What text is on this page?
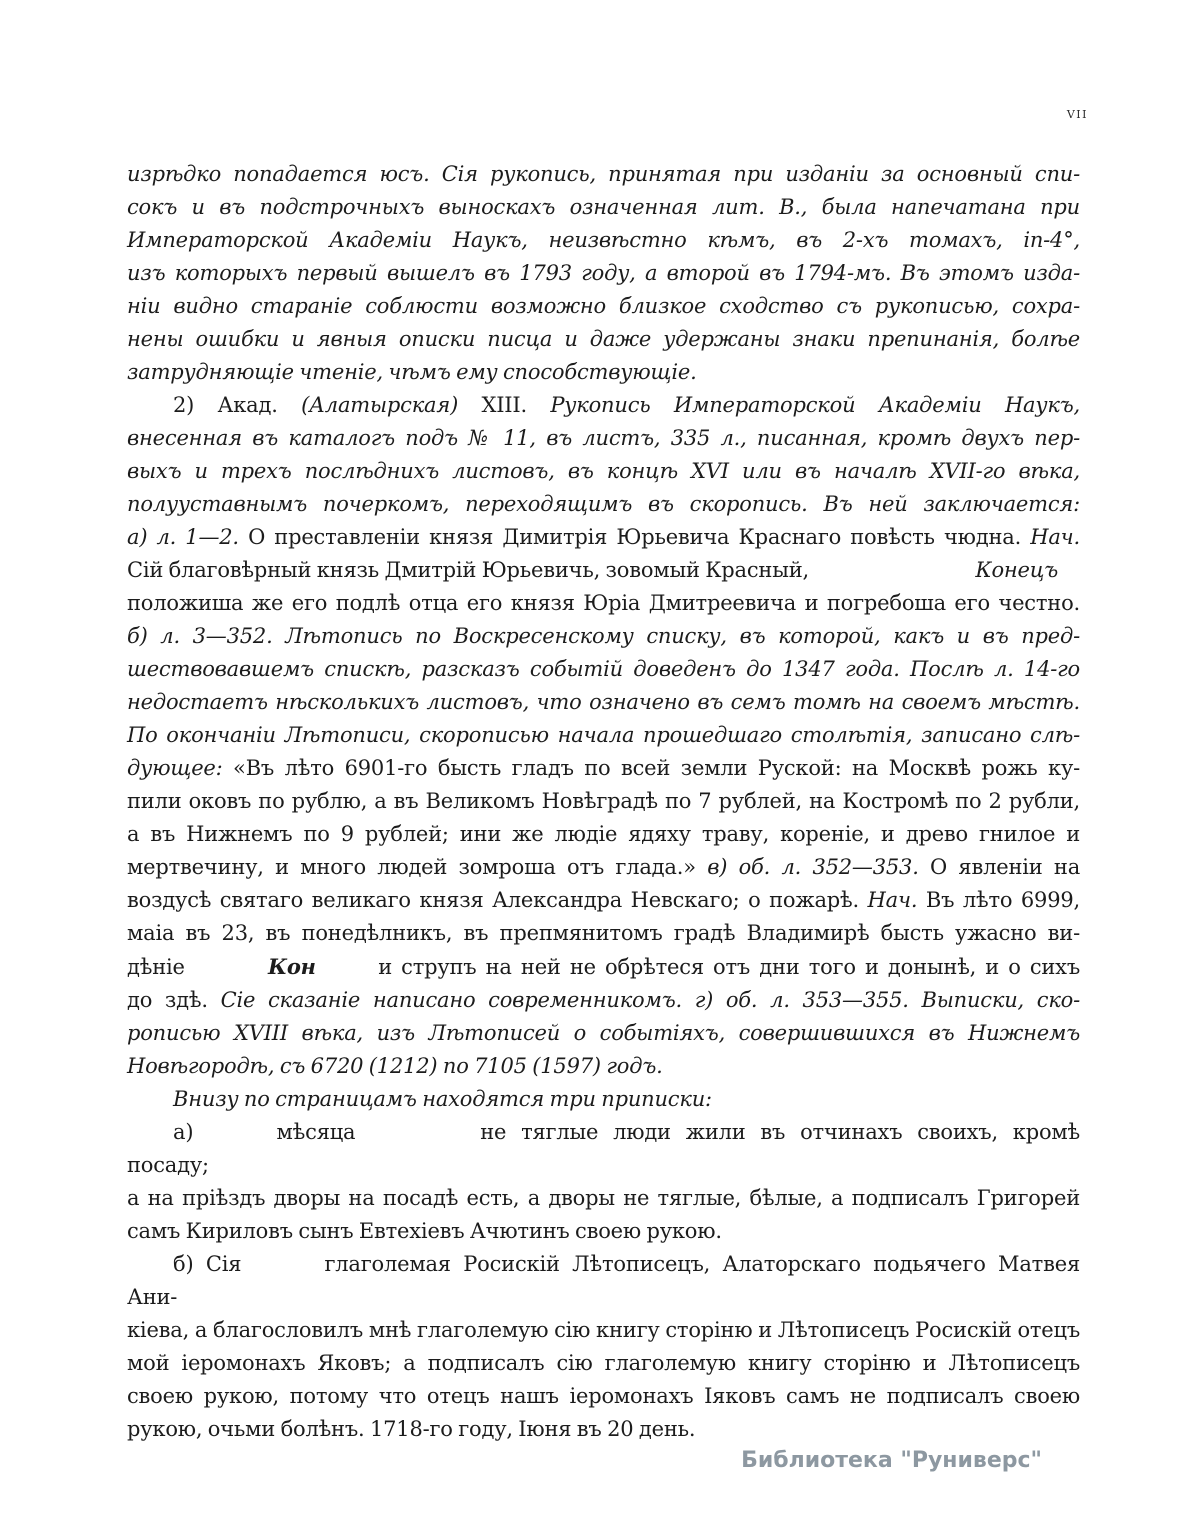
vii
изрѣдко попадается юсъ. Сія рукопись, принятая при изданіи за основный спи-
сокъ и въ подстрочныхъ выноскахъ означенная лит. В., была напечатана при
Императорской Академіи Наукъ, неизвѣстно кѣмъ, въ 2-хъ томахъ, in-4°,
изъ которыхъ первый вышелъ въ 1793 году, а второй въ 1794-мъ. Въ этомъ изда-
ніи видно стараніе соблюсти возможно близкое сходство съ рукописью, сохра-
нены ошибки и явныя описки писца и даже удержаны знаки препинанія, болѣе
затрудняющіе чтеніе, чѣмъ ему способствующіе.
2) Акад. (Алатырская) XIII. Рукопись Императорской Академіи Наукъ,
внесенная въ каталогъ подъ № 11, въ листъ, 335 л., писанная, кромѣ двухъ пер-
выхъ и трехъ послѣднихъ листовъ, въ концѣ XVI или въ началѣ XVII-го вѣка,
полууставнымъ почеркомъ, переходящимъ въ скоропись. Въ ней заключается:
а) л. 1—2. О преставленіи князя Димитрія Юрьевича Краснаго повѣсть чюдна. Нач.
Сій благовѣрный князь Дмитрій Юрьевичь, зовомый Красный,        	Конецъ
положиша же его подлѣ отца его князя Юріа Дмитреевича и погребоша его честно.
б) л. 3—352. Лѣтопись по Воскресенскому списку, въ которой, какъ и въ пред-
шествовавшемъ спискѣ, разсказъ событій доведенъ до 1347 года. Послѣ л. 14-го
недостаетъ нѣсколькихъ листовъ, что означено въ семъ томѣ на своемъ мѣстѣ.
По окончаніи Лѣтописи, скорописью начала прошедшаго столѣтія, записано слѣ-
дующее: «Въ лѣто 6901-го бысть гладъ по всей земли Руской: на Москвѣ рожь ку-
пили оковъ по рублю, а въ Великомъ Новѣградѣ по 7 рублей, на Костромѣ по 2 рубли,
а въ Нижнемъ по 9 рублей; ини же людіе ядяху траву, кореніе, и древо гнилое и
мертвечину, и много людей зомроша отъ глада.» в) об. л. 352—353. О явленіи на
воздусѣ святаго великаго князя Александра Невскаго; о пожарѣ. Нач. Въ лѣто 6999,
маіа въ 23, въ понедѣлникъ, въ препмянитомъ градѣ Владимирѣ бысть ужасно ви-
дѣніе    	Кон   	и струпъ на ней не обрѣтеся отъ дни того и донынѣ, и о сихъ
до здѣ. Сіе сказаніе написано современникомъ. г) об. л. 353—355. Выписки, ско-
рописью XVIII вѣка, изъ Лѣтописей о событіяхъ, совершившихся въ Нижнемъ
Новѣгородѣ, съ 6720 (1212) по 7105 (1597) годъ.
Внизу по страницамъ находятся три приписки:
а)    	мѣсяца      	не тяглые люди жили въ отчинахъ своихъ, кромѣ посаду;
а на пріѣздъ дворы на посадѣ есть, а дворы не тяглые, бѣлые, а подписалъ Григорей
самъ Кириловъ сынъ Евтехіевъ Ачютинъ своею рукою.
б) Сія    	глаголемая Росискій Лѣтописецъ, Алаторскаго подьячего Матвея Ани-
кіева, а благословилъ мнѣ глаголемую сію книгу сторіню и Лѣтописецъ Росискій отецъ
мой іеромонахъ Яковъ; а подписалъ сію глаголемую книгу сторіню и Лѣтописецъ
своею рукою, потому что отецъ нашъ іеромонахъ Іяковъ самъ не подписалъ своею
рукою, очьми болѣнъ. 1718-го году, Іюня въ 20 день.
Библиотека "Руниверс"
